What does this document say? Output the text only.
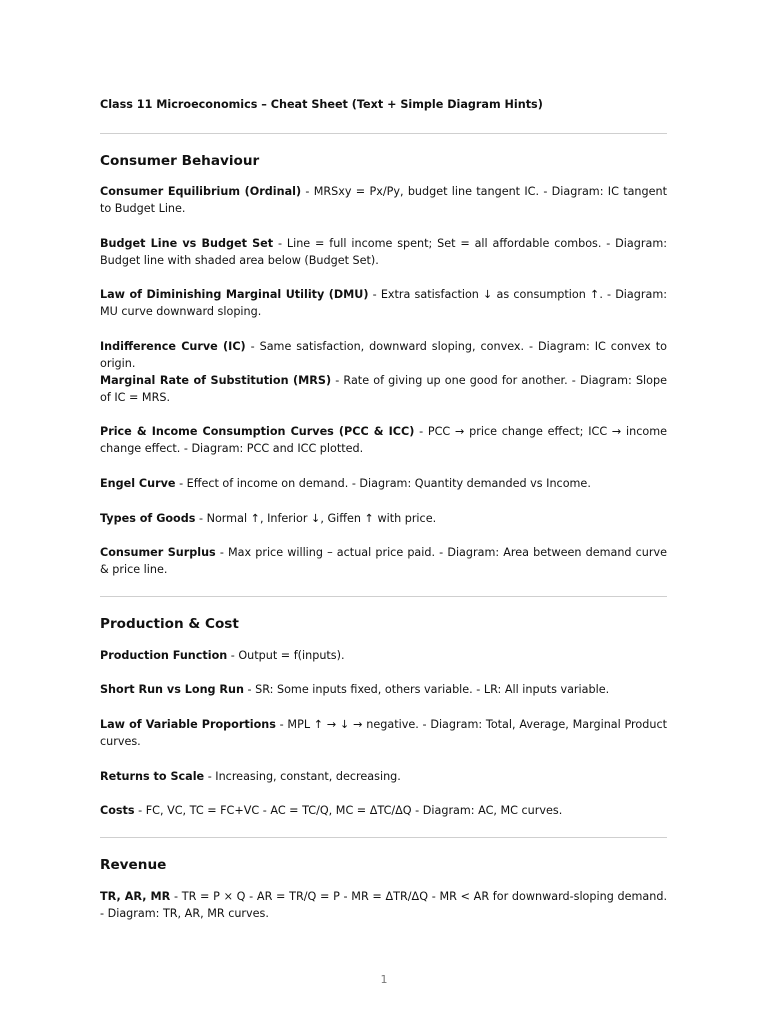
Class 11 Microeconomics – Cheat Sheet (Text + Simple Diagram Hints)
Consumer Behaviour
Consumer Equilibrium (Ordinal) - MRSxy = Px/Py, budget line tangent IC. - Diagram: IC tangent to Budget Line.
Budget Line vs Budget Set - Line = full income spent; Set = all affordable combos. - Diagram: Budget line with shaded area below (Budget Set).
Law of Diminishing Marginal Utility (DMU) - Extra satisfaction ↓ as consumption ↑. - Diagram: MU curve downward sloping.
Indifference Curve (IC) - Same satisfaction, downward sloping, convex. - Diagram: IC convex to origin.
Marginal Rate of Substitution (MRS) - Rate of giving up one good for another. - Diagram: Slope of IC = MRS.
Price & Income Consumption Curves (PCC & ICC) - PCC → price change effect; ICC → income change effect. - Diagram: PCC and ICC plotted.
Engel Curve - Effect of income on demand. - Diagram: Quantity demanded vs Income.
Types of Goods - Normal ↑, Inferior ↓, Giffen ↑ with price.
Consumer Surplus - Max price willing – actual price paid. - Diagram: Area between demand curve & price line.
Production & Cost
Production Function - Output = f(inputs).
Short Run vs Long Run - SR: Some inputs fixed, others variable. - LR: All inputs variable.
Law of Variable Proportions - MPL ↑ → ↓ → negative. - Diagram: Total, Average, Marginal Product curves.
Returns to Scale - Increasing, constant, decreasing.
Costs - FC, VC, TC = FC+VC - AC = TC/Q, MC = ΔTC/ΔQ - Diagram: AC, MC curves.
Revenue
TR, AR, MR - TR = P × Q - AR = TR/Q = P - MR = ΔTR/ΔQ - MR < AR for downward-sloping demand. - Diagram: TR, AR, MR curves.
1
